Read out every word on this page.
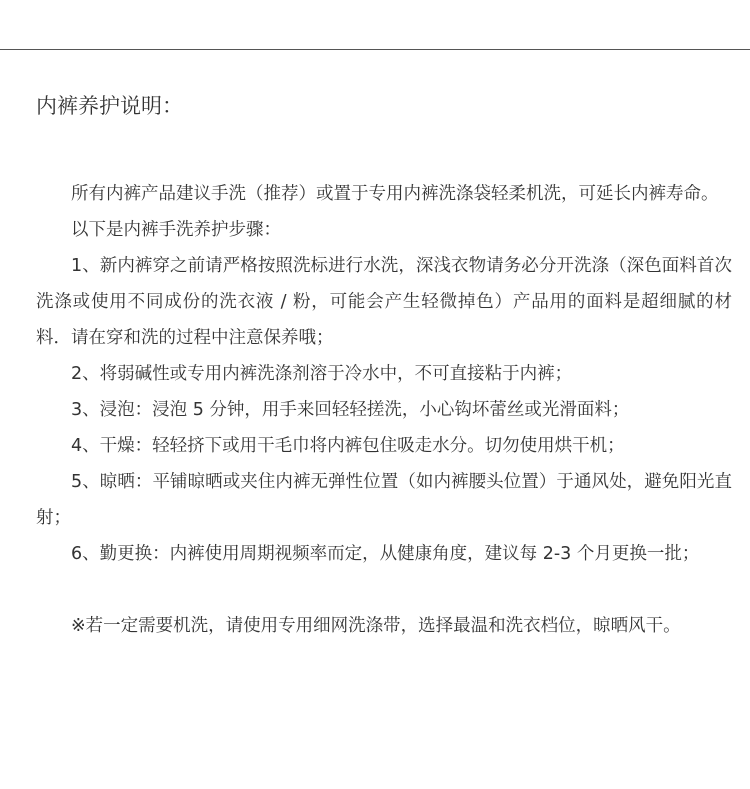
内裤养护说明：

所有内裤产品建议手洗（推荐）或置于专用内裤洗涤袋轻柔机洗，可延长内裤寿命。

以下是内裤手洗养护步骤：

1、新内裤穿之前请严格按照洗标进行水洗，深浅衣物请务必分开洗涤（深色面料首次洗涤或使用不同成份的洗衣液 / 粉，可能会产生轻微掉色）产品用的面料是超细腻的材料．请在穿和洗的过程中注意保养哦；

2、将弱碱性或专用内裤洗涤剂溶于冷水中，不可直接粘于内裤；

3、浸泡：浸泡 5 分钟，用手来回轻轻搓洗，小心钩坏蕾丝或光滑面料；

4、干燥：轻轻挤下或用干毛巾将内裤包住吸走水分。切勿使用烘干机；

5、晾晒：平铺晾晒或夹住内裤无弹性位置（如内裤腰头位置）于通风处，避免阳光直射；

6、勤更换：内裤使用周期视频率而定，从健康角度，建议每 2-3 个月更换一批；

※若一定需要机洗，请使用专用细网洗涤带，选择最温和洗衣档位，晾晒风干。
